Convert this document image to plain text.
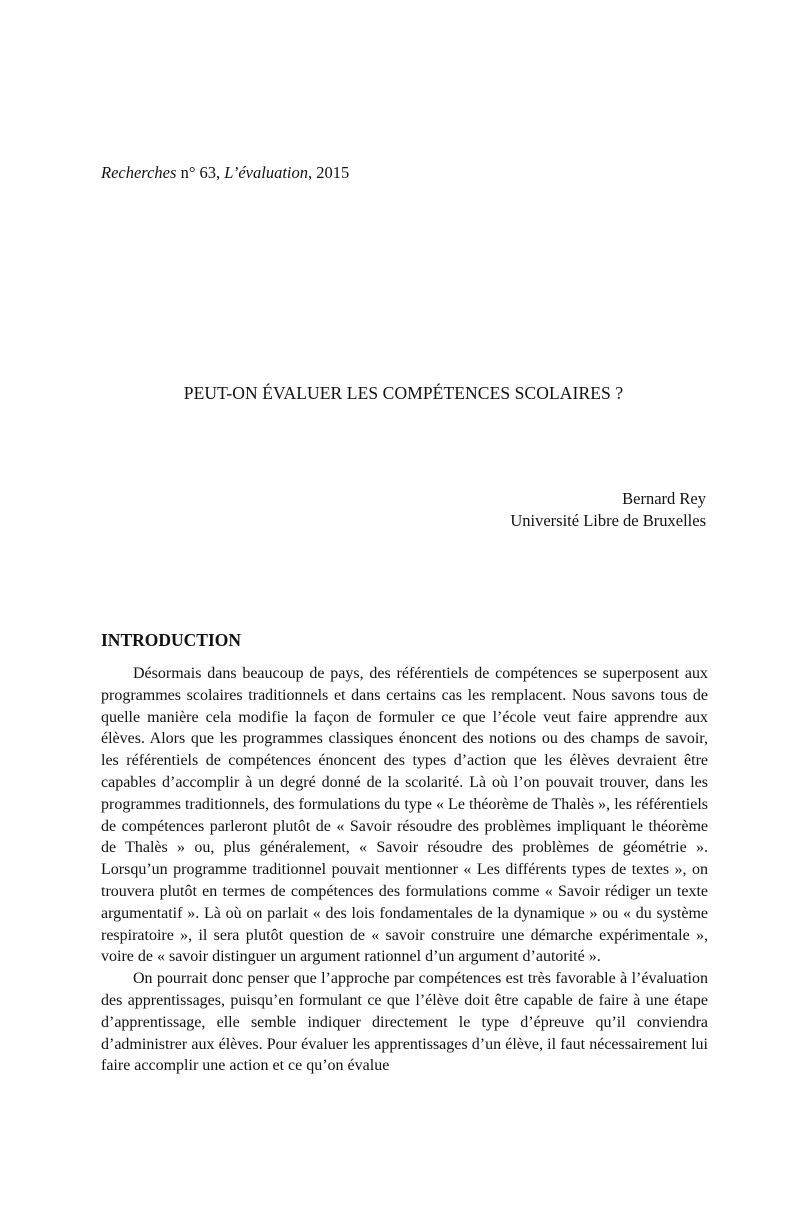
Recherches n° 63, L’évaluation, 2015
PEUT-ON ÉVALUER LES COMPÉTENCES SCOLAIRES ?
Bernard Rey
Université Libre de Bruxelles
INTRODUCTION

Désormais dans beaucoup de pays, des référentiels de compétences se superposent aux programmes scolaires traditionnels et dans certains cas les remplacent. Nous savons tous de quelle manière cela modifie la façon de formuler ce que l’école veut faire apprendre aux élèves. Alors que les programmes classiques énoncent des notions ou des champs de savoir, les référentiels de compétences énoncent des types d’action que les élèves devraient être capables d’accomplir à un degré donné de la scolarité. Là où l’on pouvait trouver, dans les programmes traditionnels, des formulations du type « Le théorème de Thalès », les référentiels de compétences parleront plutôt de « Savoir résoudre des problèmes impliquant le théorème de Thalès » ou, plus généralement, « Savoir résoudre des problèmes de géométrie ». Lorsqu’un programme traditionnel pouvait mentionner « Les différents types de textes », on trouvera plutôt en termes de compétences des formulations comme « Savoir rédiger un texte argumentatif ». Là où on parlait « des lois fondamentales de la dynamique » ou « du système respiratoire », il sera plutôt question de « savoir construire une démarche expérimentale », voire de « savoir distinguer un argument rationnel d’un argument d’autorité ».

On pourrait donc penser que l’approche par compétences est très favorable à l’évaluation des apprentissages, puisqu’en formulant ce que l’élève doit être capable de faire à une étape d’apprentissage, elle semble indiquer directement le type d’épreuve qu’il conviendra d’administrer aux élèves. Pour évaluer les apprentissages d’un élève, il faut nécessairement lui faire accomplir une action et ce qu’on évalue
